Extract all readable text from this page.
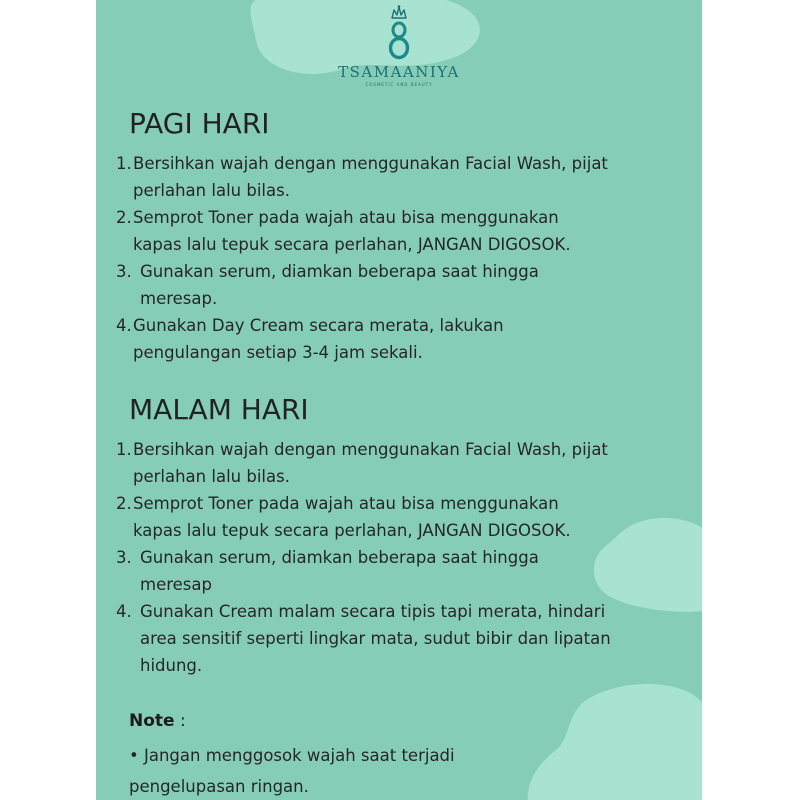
TSAMAANIYA
COSMETIC AND BEAUTY
PAGI HARI
1. Bersihkan wajah dengan menggunakan Facial Wash, pijat perlahan lalu bilas.
2. Semprot Toner pada wajah atau bisa menggunakan kapas lalu tepuk secara perlahan, JANGAN DIGOSOK.
3. Gunakan serum, diamkan beberapa saat hingga meresap.
4. Gunakan Day Cream secara merata, lakukan pengulangan setiap 3-4 jam sekali.
MALAM HARI
1. Bersihkan wajah dengan menggunakan Facial Wash, pijat perlahan lalu bilas.
2. Semprot Toner pada wajah atau bisa menggunakan kapas lalu tepuk secara perlahan, JANGAN DIGOSOK.
3. Gunakan serum, diamkan beberapa saat hingga meresap
4. Gunakan Cream malam secara tipis tapi merata, hindari area sensitif seperti lingkar mata, sudut bibir dan lipatan hidung.
Note :
• Jangan menggosok wajah saat terjadi pengelupasan ringan.
